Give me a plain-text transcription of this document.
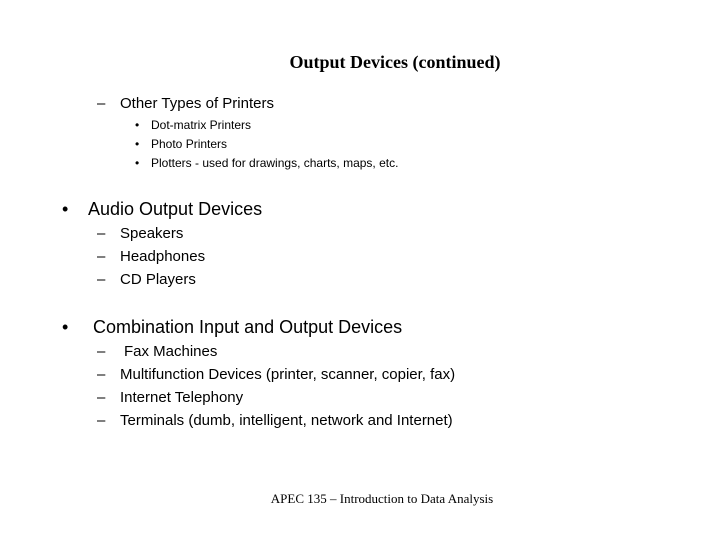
Output Devices (continued)
– Other Types of Printers
• Dot-matrix Printers
• Photo Printers
• Plotters - used for drawings, charts, maps, etc.
• Audio Output Devices
– Speakers
– Headphones
– CD Players
• Combination Input and Output Devices
– Fax Machines
– Multifunction Devices (printer, scanner, copier, fax)
– Internet Telephony
– Terminals (dumb, intelligent, network and Internet)
APEC 135 – Introduction to Data Analysis
